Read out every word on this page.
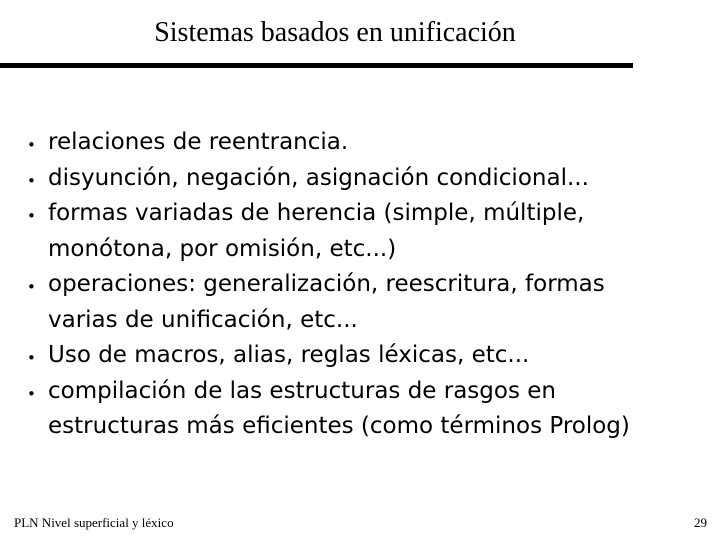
Sistemas basados en unificación
• relaciones de reentrancia.
• disyunción, negación, asignación condicional...
• formas variadas de herencia (simple, múltiple,
monótona, por omisión, etc...)
• operaciones: generalización, reescritura, formas
varias de unificación, etc...
• Uso de macros, alias, reglas léxicas, etc...
• compilación de las estructuras de rasgos en
estructuras más eficientes (como términos Prolog)
PLN Nivel superficial y léxico	29
